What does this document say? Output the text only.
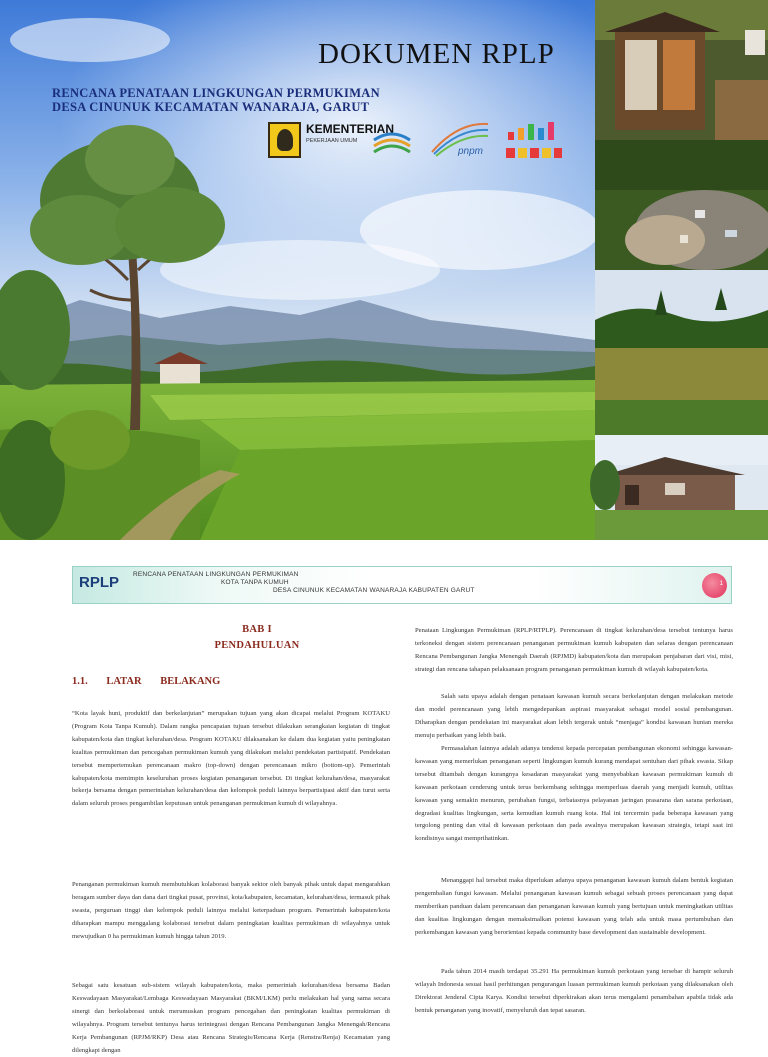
DOKUMEN RPLP
RENCANA PENATAAN LINGKUNGAN PERMUKIMAN
DESA CINUNUK KECAMATAN WANARAJA, GARUT
KEMENTERIAN
PEKERJAAN UMUM
pnpm
RPLP RENCANA PENATAAN LINGKUNGAN PERMUKIMAN
KOTA TANPA KUMUH
DESA CINUNUK KECAMATAN WANARAJA KABUPATEN GARUT
1
BAB I
PENDAHULUAN
1.1. LATAR BELAKANG

“Kota layak huni, produktif dan berkelanjutan” merupakan tujuan yang akan dicapai melalui Program KOTAKU (Program Kota Tanpa Kumuh). Dalam rangka pencapaian tujuan tersebut dilakukan serangkaian kegiatan di tingkat kabupaten/kota dan tingkat kelurahan/desa. Program KOTAKU dilaksanakan ke dalam dua kegiatan yaitu peningkatan kualitas permukiman dan pencegahan permukiman kumuh yang dilakukan melalui pendekatan partisipatif. Pendekatan tersebut mempertemukan perencanaan makro (top-down) dengan perencanaan mikro (bottom-up). Pemerintah kabupaten/kota memimpin keseluruhan proses kegiatan penanganan tersebut. Di tingkat kelurahan/desa, masyarakat bekerja bersama dengan pemerintahan kelurahan/desa dan kelompok peduli lainnya berpartisipasi aktif dan turut serta dalam seluruh proses pengambilan keputusan untuk penanganan permukiman kumuh di wilayahnya.

Penanganan permukiman kumuh membutuhkan kolaborasi banyak sektor oleh banyak pihak untuk dapat mengarahkan beragam sumber daya dan dana dari tingkat pusat, provinsi, kota/kabupaten, kecamatan, kelurahan/desa, termasuk pihak swasta, perguruan tinggi dan kelompok peduli lainnya melalui keterpaduan program. Pemerintah kabupaten/kota diharapkan mampu menggalang kolaborasi tersebut dalam peningkatan kualitas permukiman di wilayahnya untuk mewujudkan 0 ha permukiman kumuh hingga tahun 2019.

Sebagai satu kesatuan sub-sistem wilayah kabupaten/kota, maka pemerintah kelurahan/desa bersama Badan Keswadayaan Masyarakat/Lembaga Keswadayaan Masyarakat (BKM/LKM) perlu melakukan hal yang sama secara sinergi dan berkolaborasi untuk merumuskan program pencegahan dan peningkatan kualitas permukiman di wilayahnya. Program tersebut tentunya harus terintegrasi dengan Rencana Pembangunan Jangka Menengah/Rencana Kerja Pembangunan (RPJM/RKP) Desa atau Rencana Strategis/Rencana Kerja (Renstra/Renja) Kecamatan yang dilengkapi dengan

Penataan Lingkungan Permukiman (RPLP/RTPLP). Perencanaan di tingkat kelurahan/desa tersebut tentunya harus terkoneksi dengan sistem perencanaan penanganan permukiman kumuh kabupaten dan selaras dengan perencanaan Rencana Pembangunan Jangka Menengah Daerah (RPJMD) kabupaten/kota dan merupakan penjabaran dari visi, misi, strategi dan rencana tahapan pelaksanaan program penanganan permukiman kumuh di wilayah kabupaten/kota.

Salah satu upaya adalah dengan penataan kawasan kumuh secara berkelanjutan dengan melakukan metode dan model perencanaan yang lebih mengedepankan aspirasi masyarakat sebagai model sosial pembangunan. Diharapkan dengan pendekatan ini masyarakat akan lebih tergerak untuk “menjaga” kondisi kawasan hunian mereka menuju perbaikan yang lebih baik.

Permasalahan lainnya adalah adanya tendensi kepada percepatan pembangunan ekonomi sehingga kawasan-kawasan yang memerlukan penanganan seperti lingkungan kumuh kurang mendapat sentuhan dari pihak swasta. Sikap tersebut ditambah dengan kurangnya kesadaran masyarakat yang menyebabkan kawasan permukiman kumuh di kawasan perkotaan cenderung untuk terus berkembang sehingga memperluas daerah yang menjadi kumuh, utilitas kawasan yang semakin menurun, perubahan fungsi, terbatasnya pelayanan jaringan prasarana dan sarana perkotaan, degradasi kualitas lingkungan, serta kemudian kumuh ruang kota. Hal ini tercermin pada beberapa kawasan yang tergolong penting dan vital di kawasan perkotaan dan pada awalnya merupakan kawasan strategis, tetapi saat ini kondisinya sangat memprihatinkan.

Menanggapi hal tersebut maka diperlukan adanya upaya penanganan kawasan kumuh dalam bentuk kegiatan pengembalian fungsi kawasan. Melalui penanganan kawasan kumuh sebagai sebuah proses perencanaan yang dapat memberikan panduan dalam perencanaan dan penanganan kawasan kumuh yang bertujuan untuk meningkatkan utilitas dan kualitas lingkungan dengan memaksimalkan potensi kawasan yang telah ada untuk masa pertumbuhan dan perkembangan kawasan yang berorientasi kepada community base development dan sustainable development.

Pada tahun 2014 masih terdapat 35.291 Ha permukiman kumuh perkotaan yang tersebar di hampir seluruh wilayah Indonesia sesuai hasil perhitungan pengurangan luasan permukiman kumuh perkotaan yang dilaksanakan oleh Direktorat Jenderal Cipta Karya. Kondisi tersebut diperkirakan akan terus mengalami penambahan apabila tidak ada bentuk penanganan yang inovatif, menyeluruh dan tepat sasaran.
